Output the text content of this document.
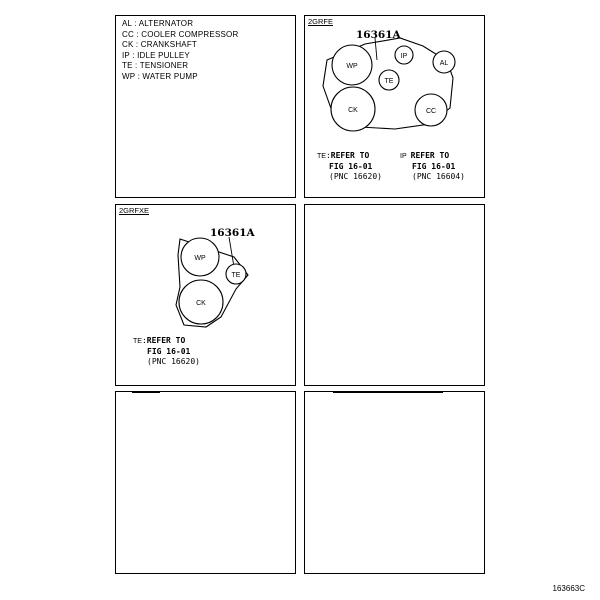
AL : ALTERNATOR
CC : COOLER COMPRESSOR
CK : CRANKSHAFT
IP : IDLE PULLEY
TE : TENSIONER
WP : WATER PUMP
2GRFE
16361A
WP
IP
AL
TE
CK	CC
TE:REFER TO
FIG 16-01
(PNC 16620)
IP REFER TO
FIG 16-01
(PNC 16604)
2GRFXE
16361A
WP
TE
CK
TE:REFER TO
FIG 16-01
(PNC 16620)
163663C
